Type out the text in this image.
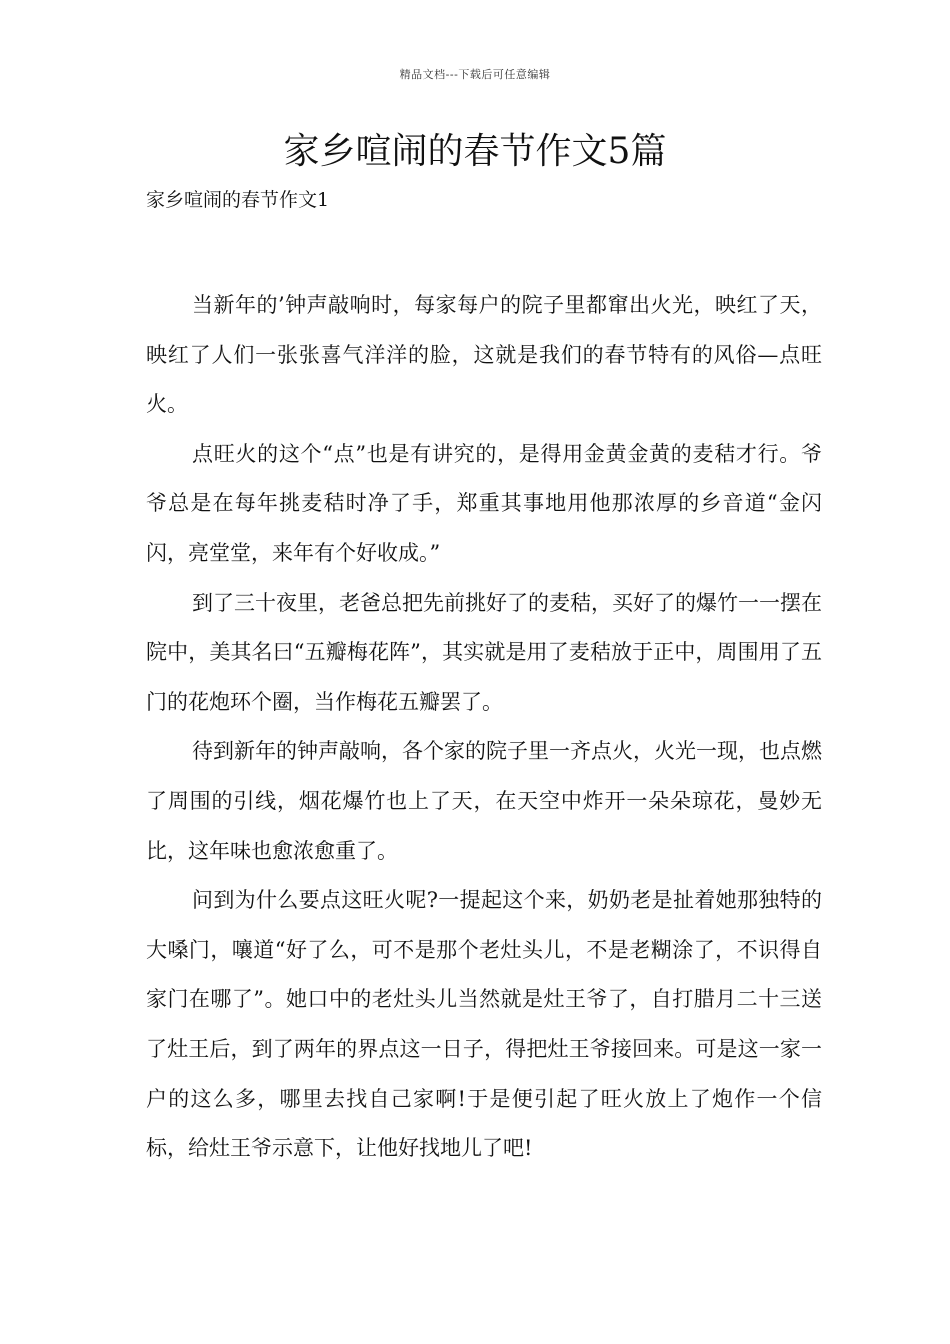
精品文档---下载后可任意编辑
家乡喧闹的春节作文5篇
家乡喧闹的春节作文1

当新年的’钟声敲响时，每家每户的院子里都窜出火光，映红了天，映红了人们一张张喜气洋洋的脸，这就是我们的春节特有的风俗—点旺火。

点旺火的这个“点”也是有讲究的，是得用金黄金黄的麦秸才行。爷爷总是在每年挑麦秸时净了手，郑重其事地用他那浓厚的乡音道“金闪闪，亮堂堂，来年有个好收成。”

到了三十夜里，老爸总把先前挑好了的麦秸，买好了的爆竹一一摆在院中，美其名曰“五瓣梅花阵”，其实就是用了麦秸放于正中，周围用了五门的花炮环个圈，当作梅花五瓣罢了。

待到新年的钟声敲响，各个家的院子里一齐点火，火光一现，也点燃了周围的引线，烟花爆竹也上了天，在天空中炸开一朵朵琼花，曼妙无比，这年味也愈浓愈重了。

问到为什么要点这旺火呢?一提起这个来，奶奶老是扯着她那独特的大嗓门，嚷道“好了么，可不是那个老灶头儿，不是老糊涂了，不识得自家门在哪了”。她口中的老灶头儿当然就是灶王爷了，自打腊月二十三送了灶王后，到了两年的界点这一日子，得把灶王爷接回来。可是这一家一户的这么多，哪里去找自己家啊!于是便引起了旺火放上了炮作一个信标，给灶王爷示意下，让他好找地儿了吧!
